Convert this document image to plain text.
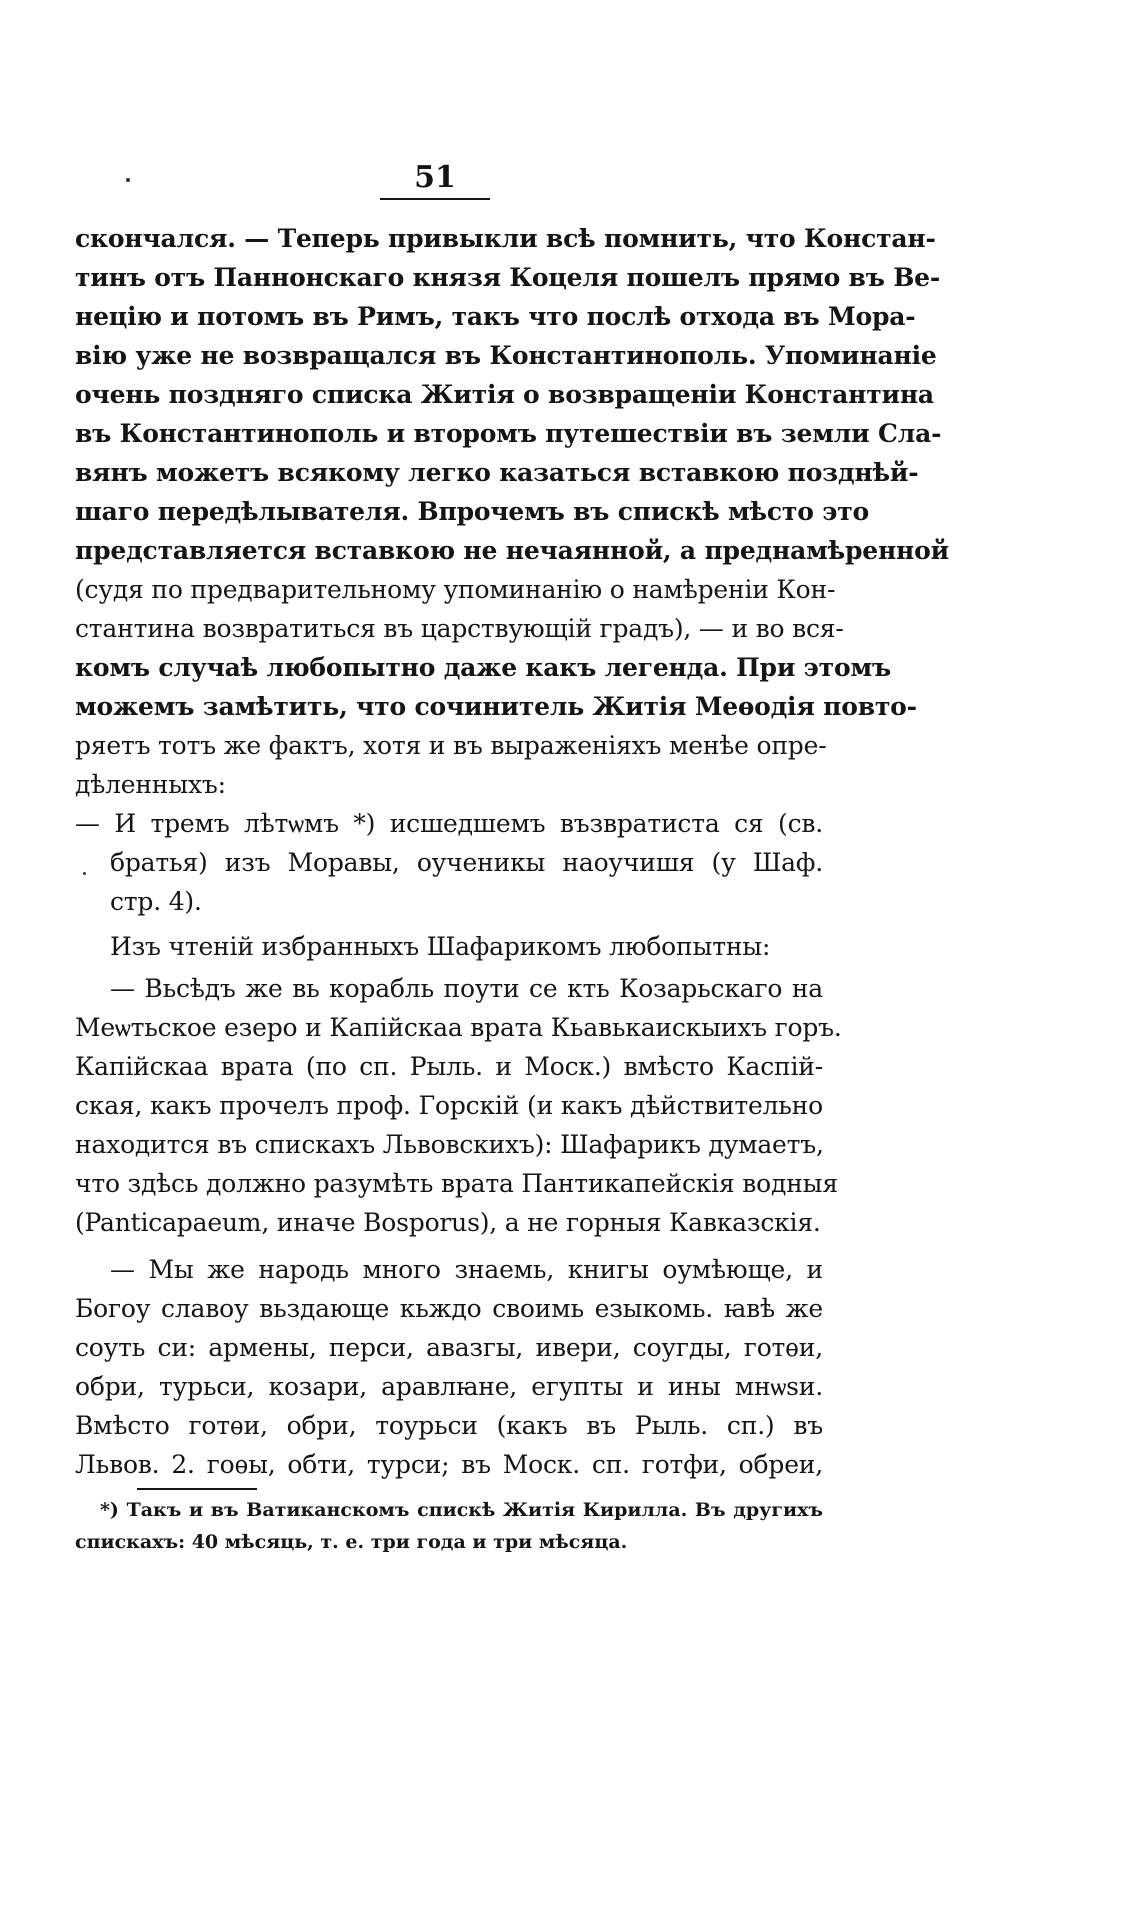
51
скончался. — Теперь привыкли всѣ помнить, что Констан-
тинъ отъ Паннонскаго князя Коцеля пошелъ прямо въ Ве-
нецію и потомъ въ Римъ, такъ что послѣ отхода въ Мора-
вію уже не возвращался въ Константинополь. Упоминаніе
очень поздняго списка Житія о возвращеніи Константина
въ Константинополь и второмъ путешествіи въ земли Сла-
вянъ можетъ всякому легко казаться вставкою позднѣй-
шаго передѣлывателя. Впрочемъ въ спискѣ мѣсто это
представляется вставкою не нечаянной, а преднамѣренной
(судя по предварительному упоминанію о намѣреніи Кон-
стантина возвратиться въ царствующій градъ), — и во вся-
комъ случаѣ любопытно даже какъ легенда. При этомъ
можемъ замѣтить, что сочинитель Житія Меѳодія повто-
ряетъ тотъ же фактъ, хотя и въ выраженіяхъ менѣе опре-
дѣленныхъ:
— И тремъ лѣтѡмъ *) исшедшемъ възвратиста ся (св.
братья) изъ Моравы, оученикы наоучишя (у Шаф.
стр. 4).
Изъ чтеній избранныхъ Шафарикомъ любопытны:
— Вьсѣдъ же вь корабль поути се кть Козарьскаго на
Меѡтьское езеро и Капійскаа врата Кьавькаискыихъ горъ.
Капійскаа врата (по сп. Рыль. и Моск.) вмѣсто Каспій-
ская, какъ прочелъ проф. Горскій (и какъ дѣйствительно
находится въ спискахъ Львовскихъ): Шафарикъ думаетъ,
что здѣсь должно разумѣть врата Пантикапейскія водныя
(Panticapaeum, иначе Bosporus), а не горныя Кавказскія.
— Мы же народь много знаемь, книгы оумѣюще, и
Богоу славоу вьздающе кьждо своимь езыкомь. ꙗвѣ же
соуть си: армены, перси, авазгы, ивери, соугды, готѳи,
обри, турьси, козари, аравлꙗне, егупты и ины мнѡѕи.
Вмѣсто готѳи, обри, тоурьси (какъ въ Рыль. сп.) въ
Львов. 2. гоѳы, обти, турси; въ Моск. сп. готфи, обреи,
*) Такъ и въ Ватиканскомъ спискѣ Житія Кирилла. Въ другихъ
спискахъ: 40 мѣсяць, т. е. три года и три мѣсяца.
